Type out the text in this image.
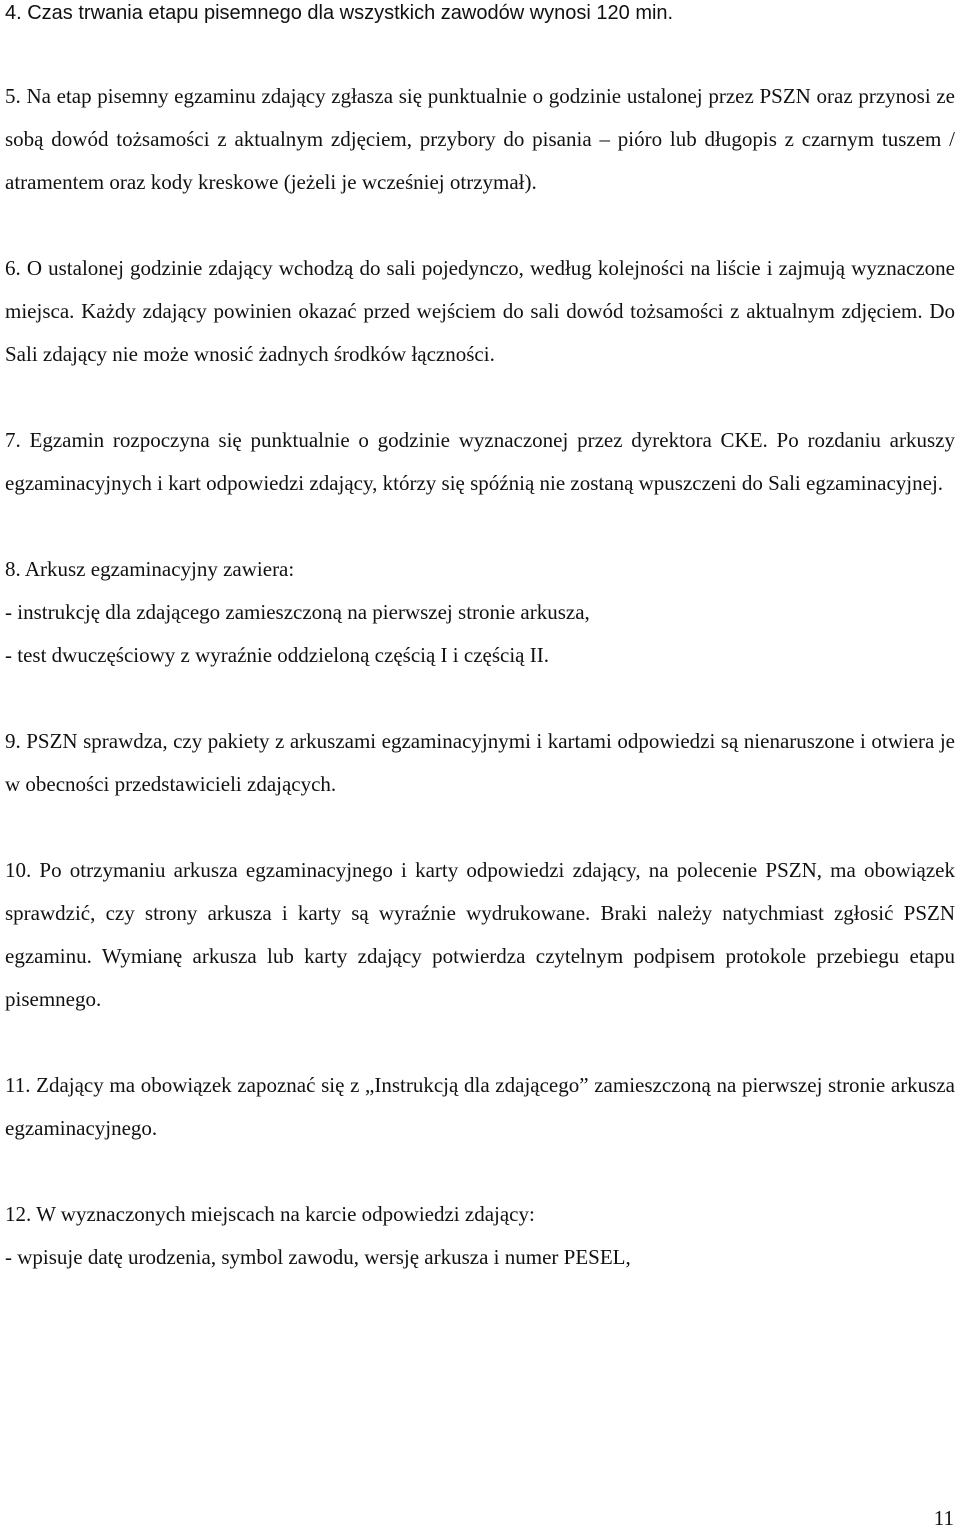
4. Czas trwania etapu pisemnego dla wszystkich zawodów wynosi 120 min.

5. Na etap pisemny egzaminu zdający zgłasza się punktualnie o godzinie ustalonej przez PSZN oraz przynosi ze sobą dowód tożsamości z aktualnym zdjęciem, przybory do pisania – pióro lub długopis z czarnym tuszem / atramentem oraz kody kreskowe (jeżeli je wcześniej otrzymał).

6. O ustalonej godzinie zdający wchodzą do sali pojedynczo, według kolejności na liście i zajmują wyznaczone miejsca. Każdy zdający powinien okazać przed wejściem do sali dowód tożsamości z aktualnym zdjęciem. Do Sali zdający nie może wnosić żadnych środków łączności.

7. Egzamin rozpoczyna się punktualnie o godzinie wyznaczonej przez dyrektora CKE. Po rozdaniu arkuszy egzaminacyjnych i kart odpowiedzi zdający, którzy się spóźnią nie zostaną wpuszczeni do Sali egzaminacyjnej.

8. Arkusz egzaminacyjny zawiera:

- instrukcję dla zdającego zamieszczoną na pierwszej stronie arkusza,

- test dwuczęściowy z wyraźnie oddzieloną częścią I i częścią II.

9. PSZN sprawdza, czy pakiety z arkuszami egzaminacyjnymi i kartami odpowiedzi są nienaruszone i otwiera je w obecności przedstawicieli zdających.

10. Po otrzymaniu arkusza egzaminacyjnego i karty odpowiedzi zdający, na polecenie PSZN, ma obowiązek sprawdzić, czy strony arkusza i karty są wyraźnie wydrukowane. Braki należy natychmiast zgłosić PSZN egzaminu. Wymianę arkusza lub karty zdający potwierdza czytelnym podpisem protokole przebiegu etapu pisemnego.

11. Zdający ma obowiązek zapoznać się z „Instrukcją dla zdającego” zamieszczoną na pierwszej stronie arkusza egzaminacyjnego.

12. W wyznaczonych miejscach na karcie odpowiedzi zdający:

- wpisuje datę urodzenia, symbol zawodu, wersję arkusza i numer PESEL,

11
